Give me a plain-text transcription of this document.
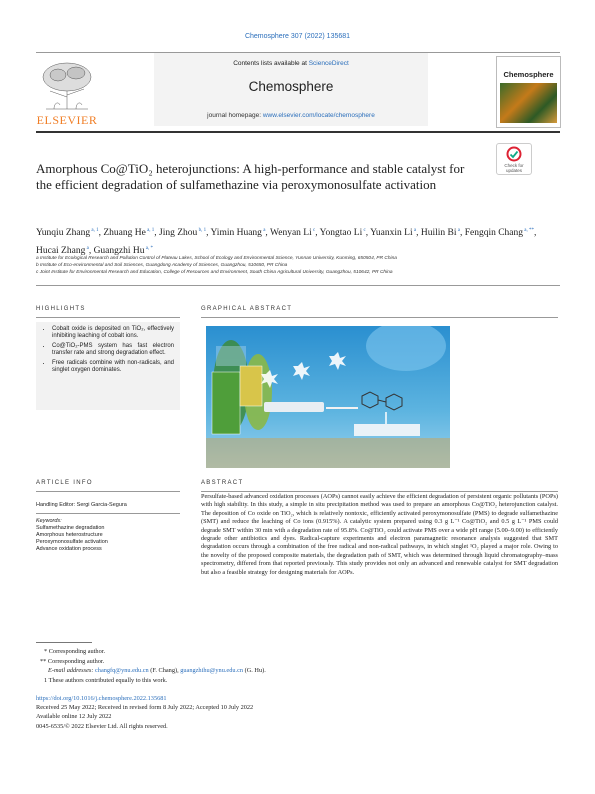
Chemosphere 307 (2022) 135681
ELSEVIER
Contents lists available at ScienceDirect
Chemosphere
journal homepage: www.elsevier.com/locate/chemosphere
Chemosphere
Check for updates
Amorphous Co@TiO₂ heterojunctions: A high-performance and stable catalyst for the efficient degradation of sulfamethazine via peroxymonosulfate activation
Yunqiu Zhang $^{a, 1}$, Zhuang He $^{a, 1}$, Jing Zhou $^{b, 1}$, Yimin Huang $^a$, Wenyan Li $^c$, Yongtao Li $^c$, Yuanxin Li $^a$, Huilin Bi $^a$, Fengqin Chang $^{a, **}$, Hucai Zhang $^a$, Guangzhi Hu $^{a, *}$
a Institute for Ecological Research and Pollution Control of Plateau Lakes, School of Ecology and Environmental Science, Yunnan University, Kunming, 650504, PR China
b Institute of Eco-environmental and Soil Sciences, Guangdong Academy of Sciences, Guangzhou, 510650, PR China
c Joint Institute for Environmental Research and Education, College of Resources and Environment, South China Agricultural University, Guangzhou, 510642, PR China
HIGHLIGHTS
• Cobalt oxide is deposited on TiO₂, effectively inhibiting leaching of cobalt ions.
• Co@TiO₂-PMS system has fast electron transfer rate and strong degradation effect.
• Free radicals combine with non-radicals, and singlet oxygen dominates.
GRAPHICAL ABSTRACT
ARTICLE INFO
Handling Editor: Sergi Garcia-Segura
Keywords:
Sulfamethazine degradation
Amorphous heterostructure
Peroxymonosulfate activation
Advance oxidation process
ABSTRACT
Persulfate-based advanced oxidation processes (AOPs) cannot easily achieve the efficient degradation of persistent organic pollutants (POPs) with high stability. In this study, a simple in situ precipitation method was used to prepare an amorphous Co@TiO₂ heterojunction catalyst. The deposition of Co oxide on TiO₂, which is relatively nontoxic, efficiently activated peroxymonosulfate (PMS) to degrade sulfamethazine (SMT) and reduce the leaching of Co ions (0.915%). A catalytic system prepared using 0.3 g L⁻¹ Co@TiO₂ and 0.5 g L⁻¹ PMS could degrade SMT within 30 min with a degradation rate of 95.8%. Co@TiO₂ could activate PMS over a wide pH range (5.00–9.00) to efficiently degrade other antibiotics and dyes. Radical-capture experiments and electron paramagnetic resonance analysis suggested that SMT degradation occurs through a combination of the free radical and non-radical pathways, in which singlet ¹O₂ played a major role. Owing to the novelty of the proposed composite materials, the degradation path of SMT, which was determined through liquid chromatography–mass spectrometry, differed from that reported previously. This study provides not only an advanced and renewable catalyst for SMT degradation but also a feasible strategy for designing materials for AOPs.
* Corresponding author.
** Corresponding author.
E-mail addresses: changfq@ynu.edu.cn (F. Chang), guangzhihu@ynu.edu.cn (G. Hu).
1 These authors contributed equally to this work.
https://doi.org/10.1016/j.chemosphere.2022.135681
Received 25 May 2022; Received in revised form 8 July 2022; Accepted 10 July 2022
Available online 12 July 2022
0045-6535/© 2022 Elsevier Ltd. All rights reserved.
